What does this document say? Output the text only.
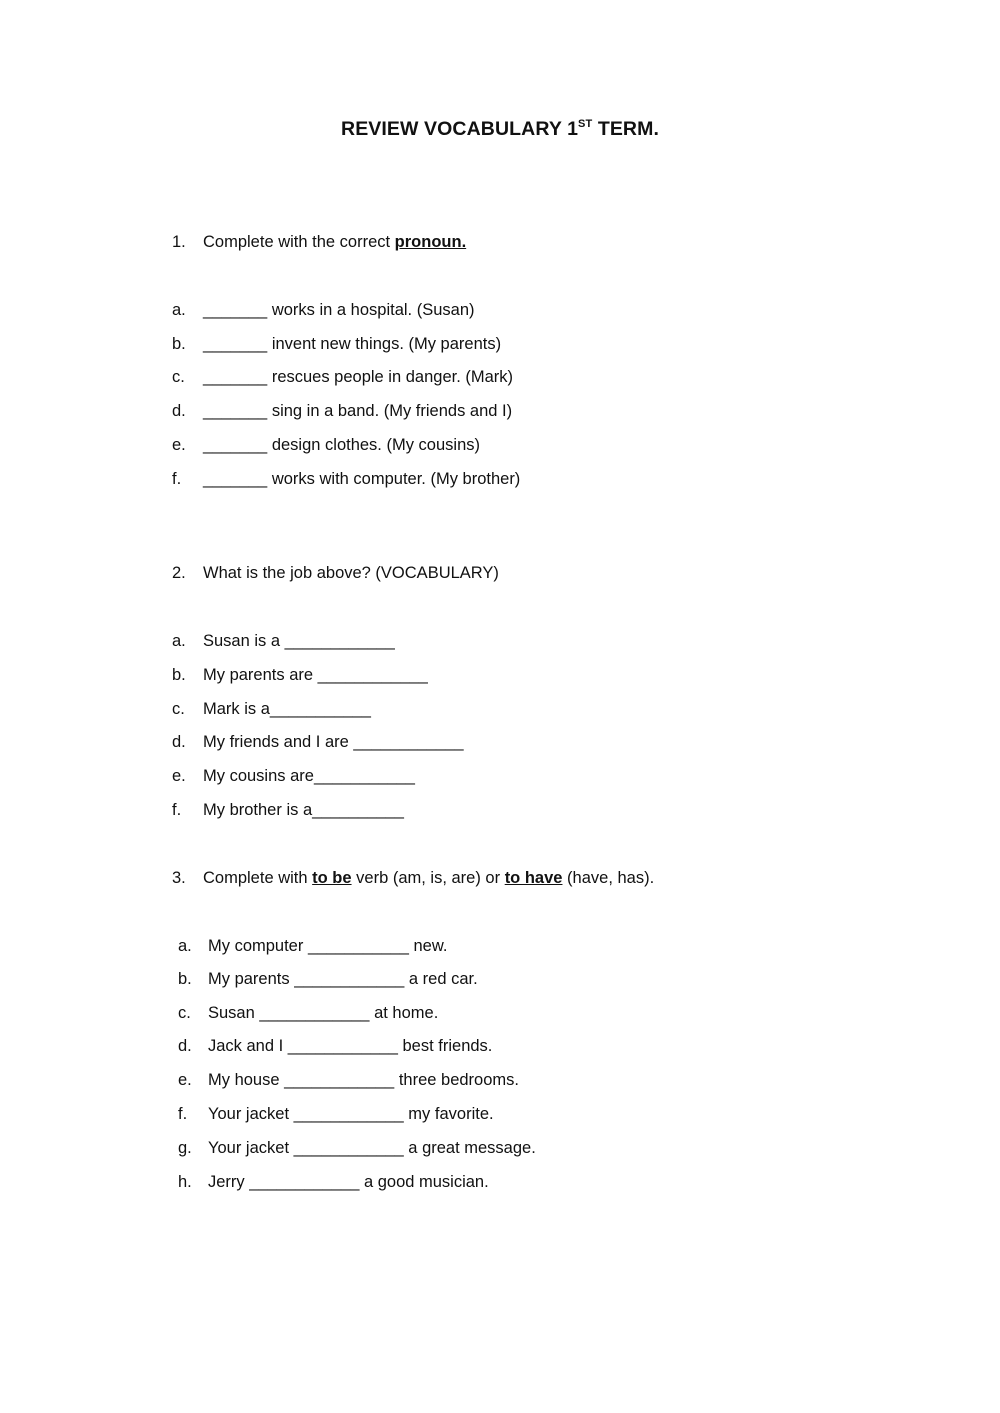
REVIEW VOCABULARY 1ST TERM.
1. Complete with the correct pronoun.
a. _______ works in a hospital. (Susan)
b. _______ invent new things. (My parents)
c. _______ rescues people in danger. (Mark)
d. _______ sing in a band. (My friends and I)
e. _______ design clothes. (My cousins)
f. _______ works with computer. (My brother)
2. What is the job above? (VOCABULARY)
a. Susan is a ____________
b. My parents are ____________
c. Mark is a___________
d. My friends and I are ____________
e. My cousins are___________
f. My brother is a__________
3. Complete with to be verb (am, is, are) or to have (have, has).
a. My computer ___________ new.
b. My parents ____________ a red car.
c. Susan ____________ at home.
d. Jack and I ____________ best friends.
e. My house ____________ three bedrooms.
f. Your jacket ____________ my favorite.
g. Your jacket ____________ a great message.
h. Jerry ____________ a good musician.
